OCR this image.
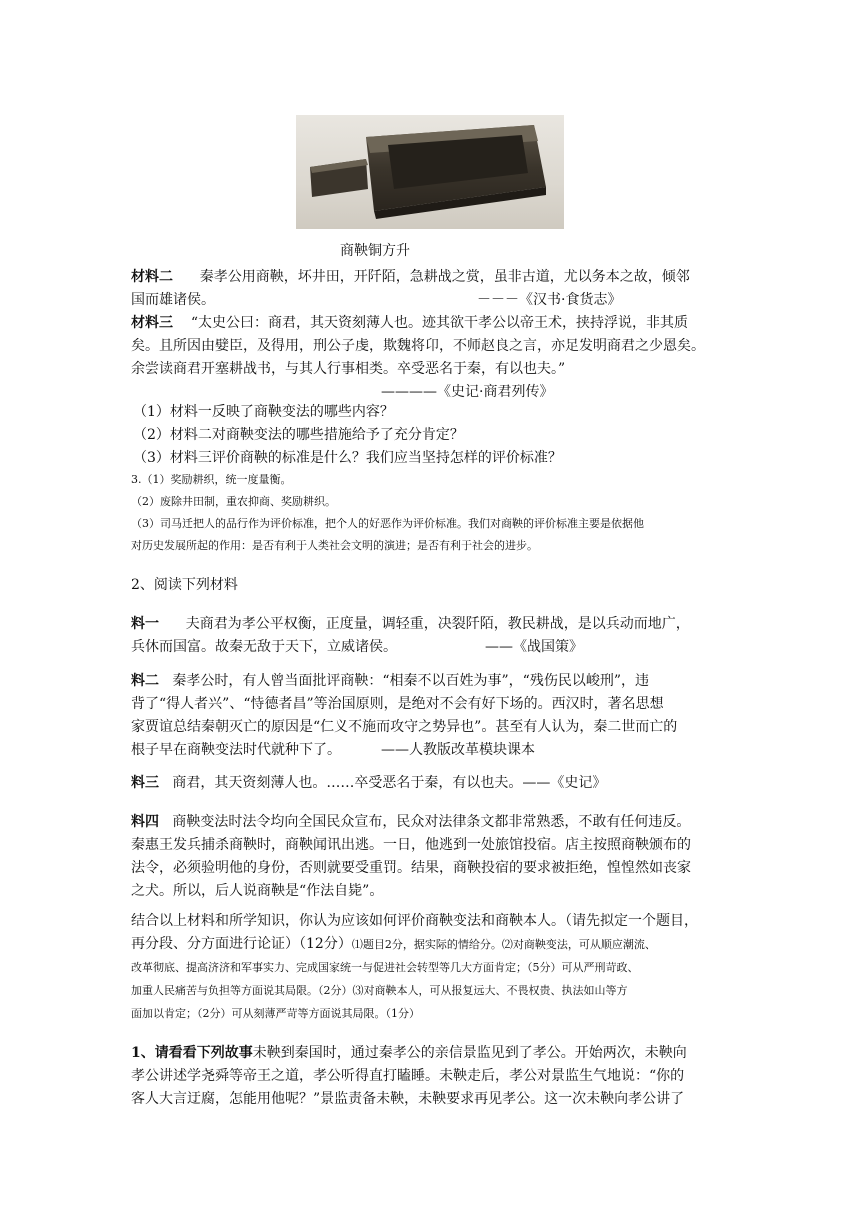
商鞅铜方升

材料二 秦孝公用商鞅，坏井田，开阡陌，急耕战之赏，虽非古道，尤以务本之故，倾邻

国而雄诸侯。	－－－《汉书·食货志》

材料三 “太史公曰：商君，其天资刻薄人也。迹其欲干孝公以帝王术，挟持浮说，非其质

矣。且所因由嬖臣，及得用，刑公子虔，欺魏将卬，不师赵良之言，亦足发明商君之少恩矣。

余尝读商君开塞耕战书，与其人行事相类。卒受恶名于秦，有以也夫。”

————《史记·商君列传》

（1）材料一反映了商鞅变法的哪些内容？

（2）材料二对商鞅变法的哪些措施给予了充分肯定？

（3）材料三评价商鞅的标准是什么？我们应当坚持怎样的评价标准？

3.（1）奖励耕织，统一度量衡。

（2）废除井田制，重农抑商、奖励耕织。

（3）司马迁把人的品行作为评价标准，把个人的好恶作为评价标准。我们对商鞅的评价标准主要是依据他

对历史发展所起的作用：是否有利于人类社会文明的演进；是否有利于社会的进步。

2、阅读下列材料

料一 夫商君为孝公平权衡，正度量，调轻重，决裂阡陌，教民耕战，是以兵动而地广，

兵休而国富。故秦无敌于天下，立威诸侯。	——《战国策》

料二 秦孝公时，有人曾当面批评商鞅：“相秦不以百姓为事”，“残伤民以峻刑”，违

背了“得人者兴”、“恃德者昌”等治国原则，是绝对不会有好下场的。西汉时，著名思想

家贾谊总结秦朝灭亡的原因是“仁义不施而攻守之势异也”。甚至有人认为，秦二世而亡的

根子早在商鞅变法时代就种下了。	——人教版改革模块课本

料三 商君，其天资刻薄人也。……卒受恶名于秦，有以也夫。——《史记》

料四 商鞅变法时法令均向全国民众宣布，民众对法律条文都非常熟悉，不敢有任何违反。

秦惠王发兵捕杀商鞅时，商鞅闻讯出逃。一日，他逃到一处旅馆投宿。店主按照商鞅颁布的

法令，必须验明他的身份，否则就要受重罚。结果，商鞅投宿的要求被拒绝，惶惶然如丧家

之犬。所以，后人说商鞅是“作法自毙”。

结合以上材料和所学知识，你认为应该如何评价商鞅变法和商鞅本人。（请先拟定一个题目，

再分段、分方面进行论证）（12分）⑴题目2分，据实际的情给分。⑵对商鞅变法，可从顺应潮流、

改革彻底、提高济济和军事实力、完成国家统一与促进社会转型等几大方面肯定；（5分）可从严刑苛政、

加重人民痛苦与负担等方面说其局限。（2分）⑶对商鞅本人，可从报复远大、不畏权贵、执法如山等方

面加以肯定；（2分）可从刻薄严苛等方面说其局限。（1分）

1、请看看下列故事未鞅到秦国时，通过秦孝公的亲信景监见到了孝公。开始两次，未鞅向

孝公讲述学尧舜等帝王之道，孝公听得直打瞌睡。未鞅走后，孝公对景监生气地说：“你的

客人大言迂腐，怎能用他呢？”景监责备未鞅，未鞅要求再见孝公。这一次未鞅向孝公讲了
